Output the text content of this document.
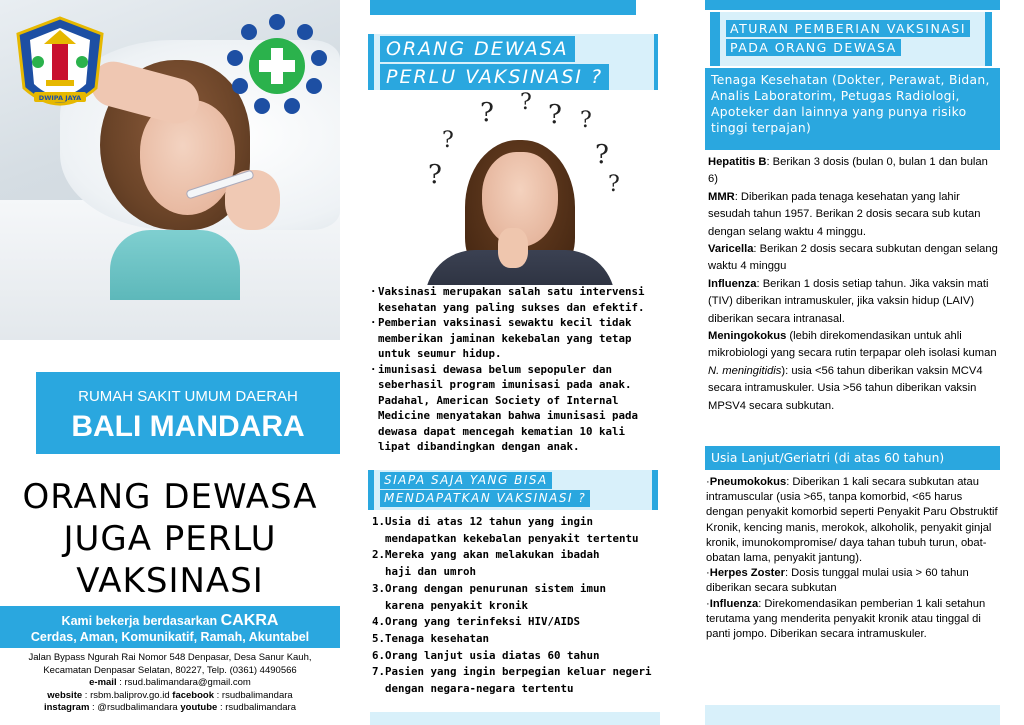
DWIPA JAYA
RUMAH SAKIT UMUM DAERAH
BALI MANDARA
ORANG DEWASA
JUGA PERLU
VAKSINASI
Kami bekerja berdasarkan CAKRA
Cerdas, Aman, Komunikatif, Ramah, Akuntabel
Jalan Bypass Ngurah Rai Nomor 548 Denpasar, Desa Sanur Kauh,
Kecamatan Denpasar Selatan, 80227, Telp. (0361) 4490566
e-mail : rsud.balimandara@gmail.com
website : rsbm.baliprov.go.id facebook : rsudbalimandara
instagram : @rsudbalimandara youtube : rsudbalimandara
ORANG DEWASA
PERLU VAKSINASI ?
?
?
? ? ? ?
?
?
· Vaksinasi merupakan salah satu intervensi kesehatan yang paling sukses dan efektif.
· Pemberian vaksinasi sewaktu kecil tidak memberikan jaminan kekebalan yang tetap untuk seumur hidup.
· imunisasi dewasa belum sepopuler dan seberhasil program imunisasi pada anak. Padahal, American Society of Internal Medicine menyatakan bahwa imunisasi pada dewasa dapat mencegah kematian 10 kali lipat dibandingkan dengan anak.
SIAPA SAJA YANG BISA
MENDAPATKAN VAKSINASI ?
1.Usia di atas 12 tahun yang ingin
mendapatkan kekebalan penyakit tertentu
2.Mereka yang akan melakukan ibadah
haji dan umroh
3.Orang dengan penurunan sistem imun
karena penyakit kronik
4.Orang yang terinfeksi HIV/AIDS
5.Tenaga kesehatan
6.Orang lanjut usia diatas 60 tahun
7.Pasien yang ingin berpegian keluar negeri
dengan negara-negara tertentu
ATURAN PEMBERIAN VAKSINASI
PADA ORANG DEWASA
Tenaga Kesehatan (Dokter, Perawat, Bidan, Analis Laboratorim, Petugas Radiologi, Apoteker dan lainnya yang punya risiko tinggi terpajan)
Hepatitis B: Berikan 3 dosis (bulan 0, bulan 1 dan bulan 6)
MMR: Diberikan pada tenaga kesehatan yang lahir sesudah tahun 1957. Berikan 2 dosis secara sub kutan dengan selang waktu 4 minggu.
Varicella: Berikan 2 dosis secara subkutan dengan selang waktu 4 minggu
Influenza: Berikan 1 dosis setiap tahun. Jika vaksin mati (TIV) diberikan intramuskuler, jika vaksin hidup (LAIV) diberikan secara intranasal.
Meningokokus (lebih direkomendasikan untuk ahli mikrobiologi yang secara rutin terpapar oleh isolasi kuman N. meningitidis): usia <56 tahun diberikan vaksin MCV4 secara intramuskuler. Usia >56 tahun diberikan vaksin MPSV4 secara subkutan.
Usia Lanjut/Geriatri (di atas 60 tahun)
·Pneumokokus: Diberikan 1 kali secara subkutan atau intramuscular (usia >65, tanpa komorbid, <65 harus dengan penyakit komorbid seperti Penyakit Paru Obstruktif Kronik, kencing manis, merokok, alkoholik, penyakit ginjal kronik, imunokompromise/ daya tahan tubuh turun, obat-obatan lama, penyakit jantung).
·Herpes Zoster: Dosis tunggal mulai usia > 60 tahun diberikan secara subkutan
·Influenza: Direkomendasikan pemberian 1 kali setahun terutama yang menderita penyakit kronik atau tinggal di panti jompo. Diberikan secara intramuskuler.
